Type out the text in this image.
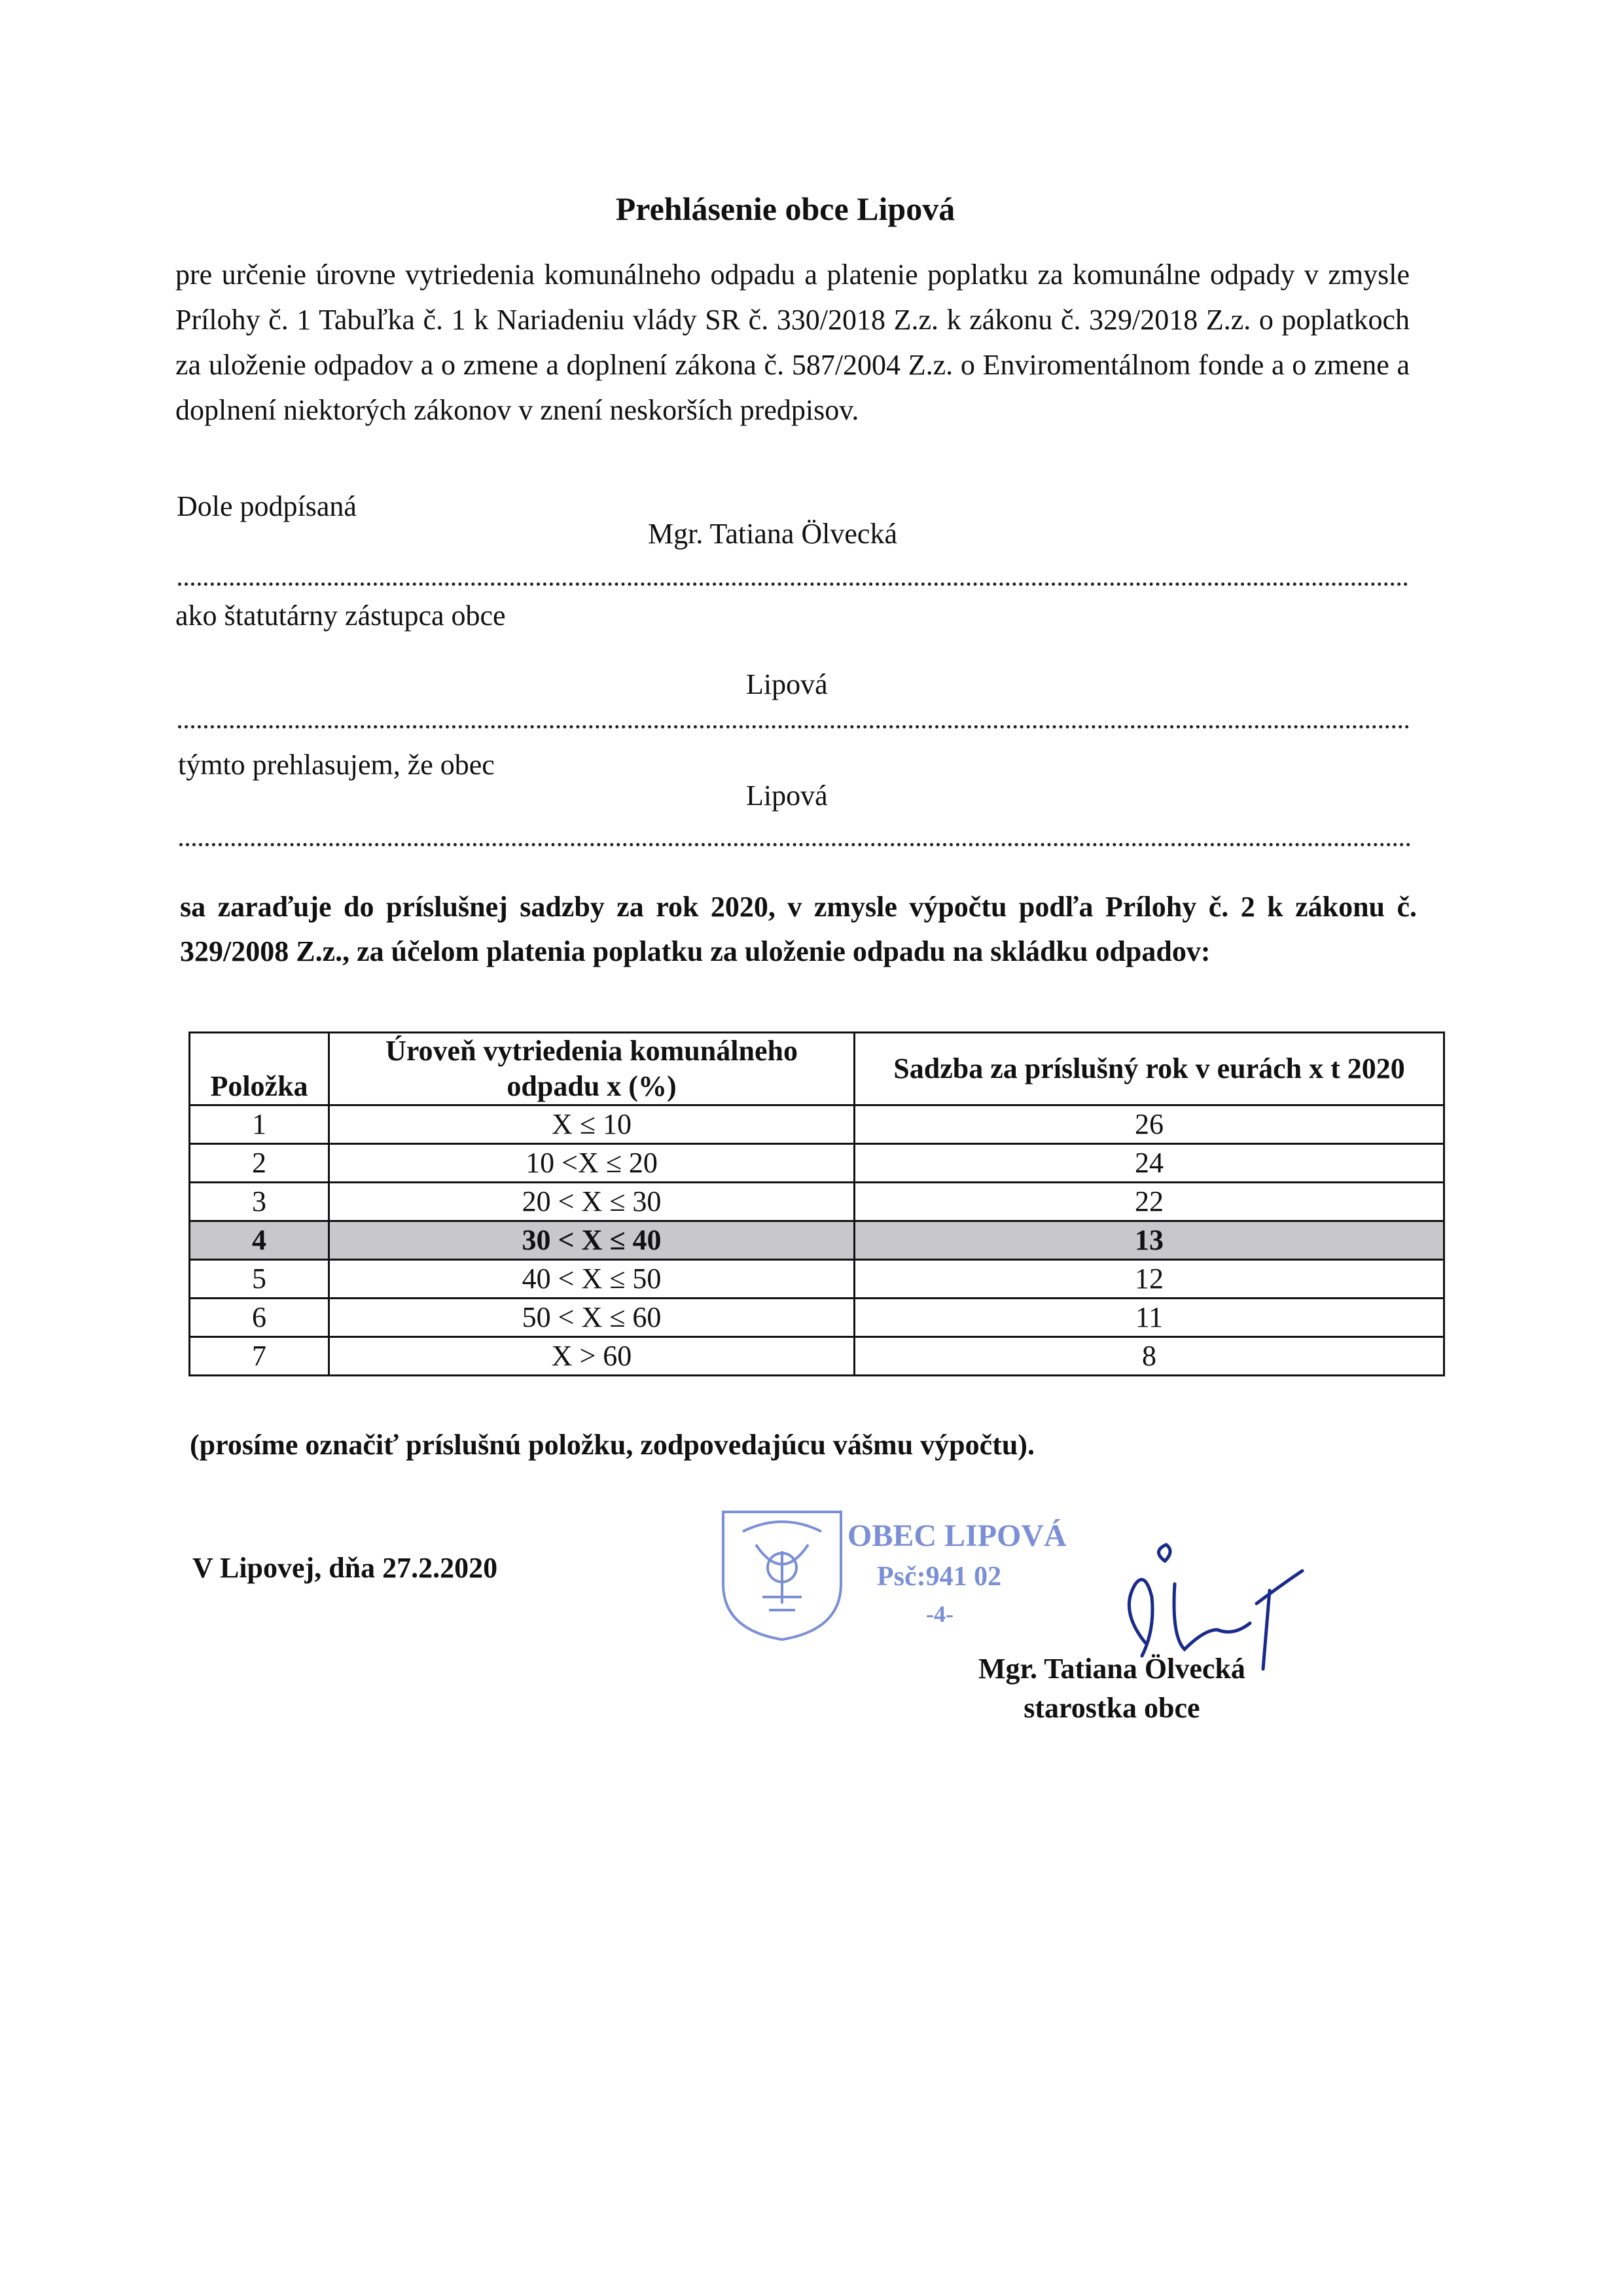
Prehlásenie obce Lipová
pre určenie úrovne vytriedenia komunálneho odpadu a platenie poplatku za komunálne odpady v zmysle Prílohy č. 1 Tabuľka č. 1 k Nariadeniu vlády SR č. 330/2018 Z.z. k zákonu č. 329/2018 Z.z. o poplatkoch za uloženie odpadov a o zmene a doplnení zákona č. 587/2004 Z.z. o Enviromentálnom fonde a o zmene a doplnení niektorých zákonov v znení neskorších predpisov.
Dole podpísaná
Mgr. Tatiana Ölvecká
ako štatutárny zástupca obce
Lipová
týmto prehlasujem, že obec
Lipová
sa zaraďuje do príslušnej sadzby za rok 2020, v zmysle výpočtu podľa Prílohy č. 2 k zákonu č. 329/2008 Z.z., za účelom platenia poplatku za uloženie odpadu na skládku odpadov:
Položka	Úroveň vytriedenia komunálneho odpadu x (%)	Sadzba za príslušný rok v eurách x t 2020
1	X ≤ 10	26
2	10 <X ≤ 20	24
3	20 < X ≤ 30	22
4	30 < X ≤ 40	13
5	40 < X ≤ 50	12
6	50 < X ≤ 60	11
7	X > 60	8
(prosíme označiť príslušnú položku, zodpovedajúcu vášmu výpočtu).
V Lipovej, dňa 27.2.2020
OBEC LIPOVÁ
Psč:941 02
-4-
Mgr. Tatiana Ölvecká
starostka obce
